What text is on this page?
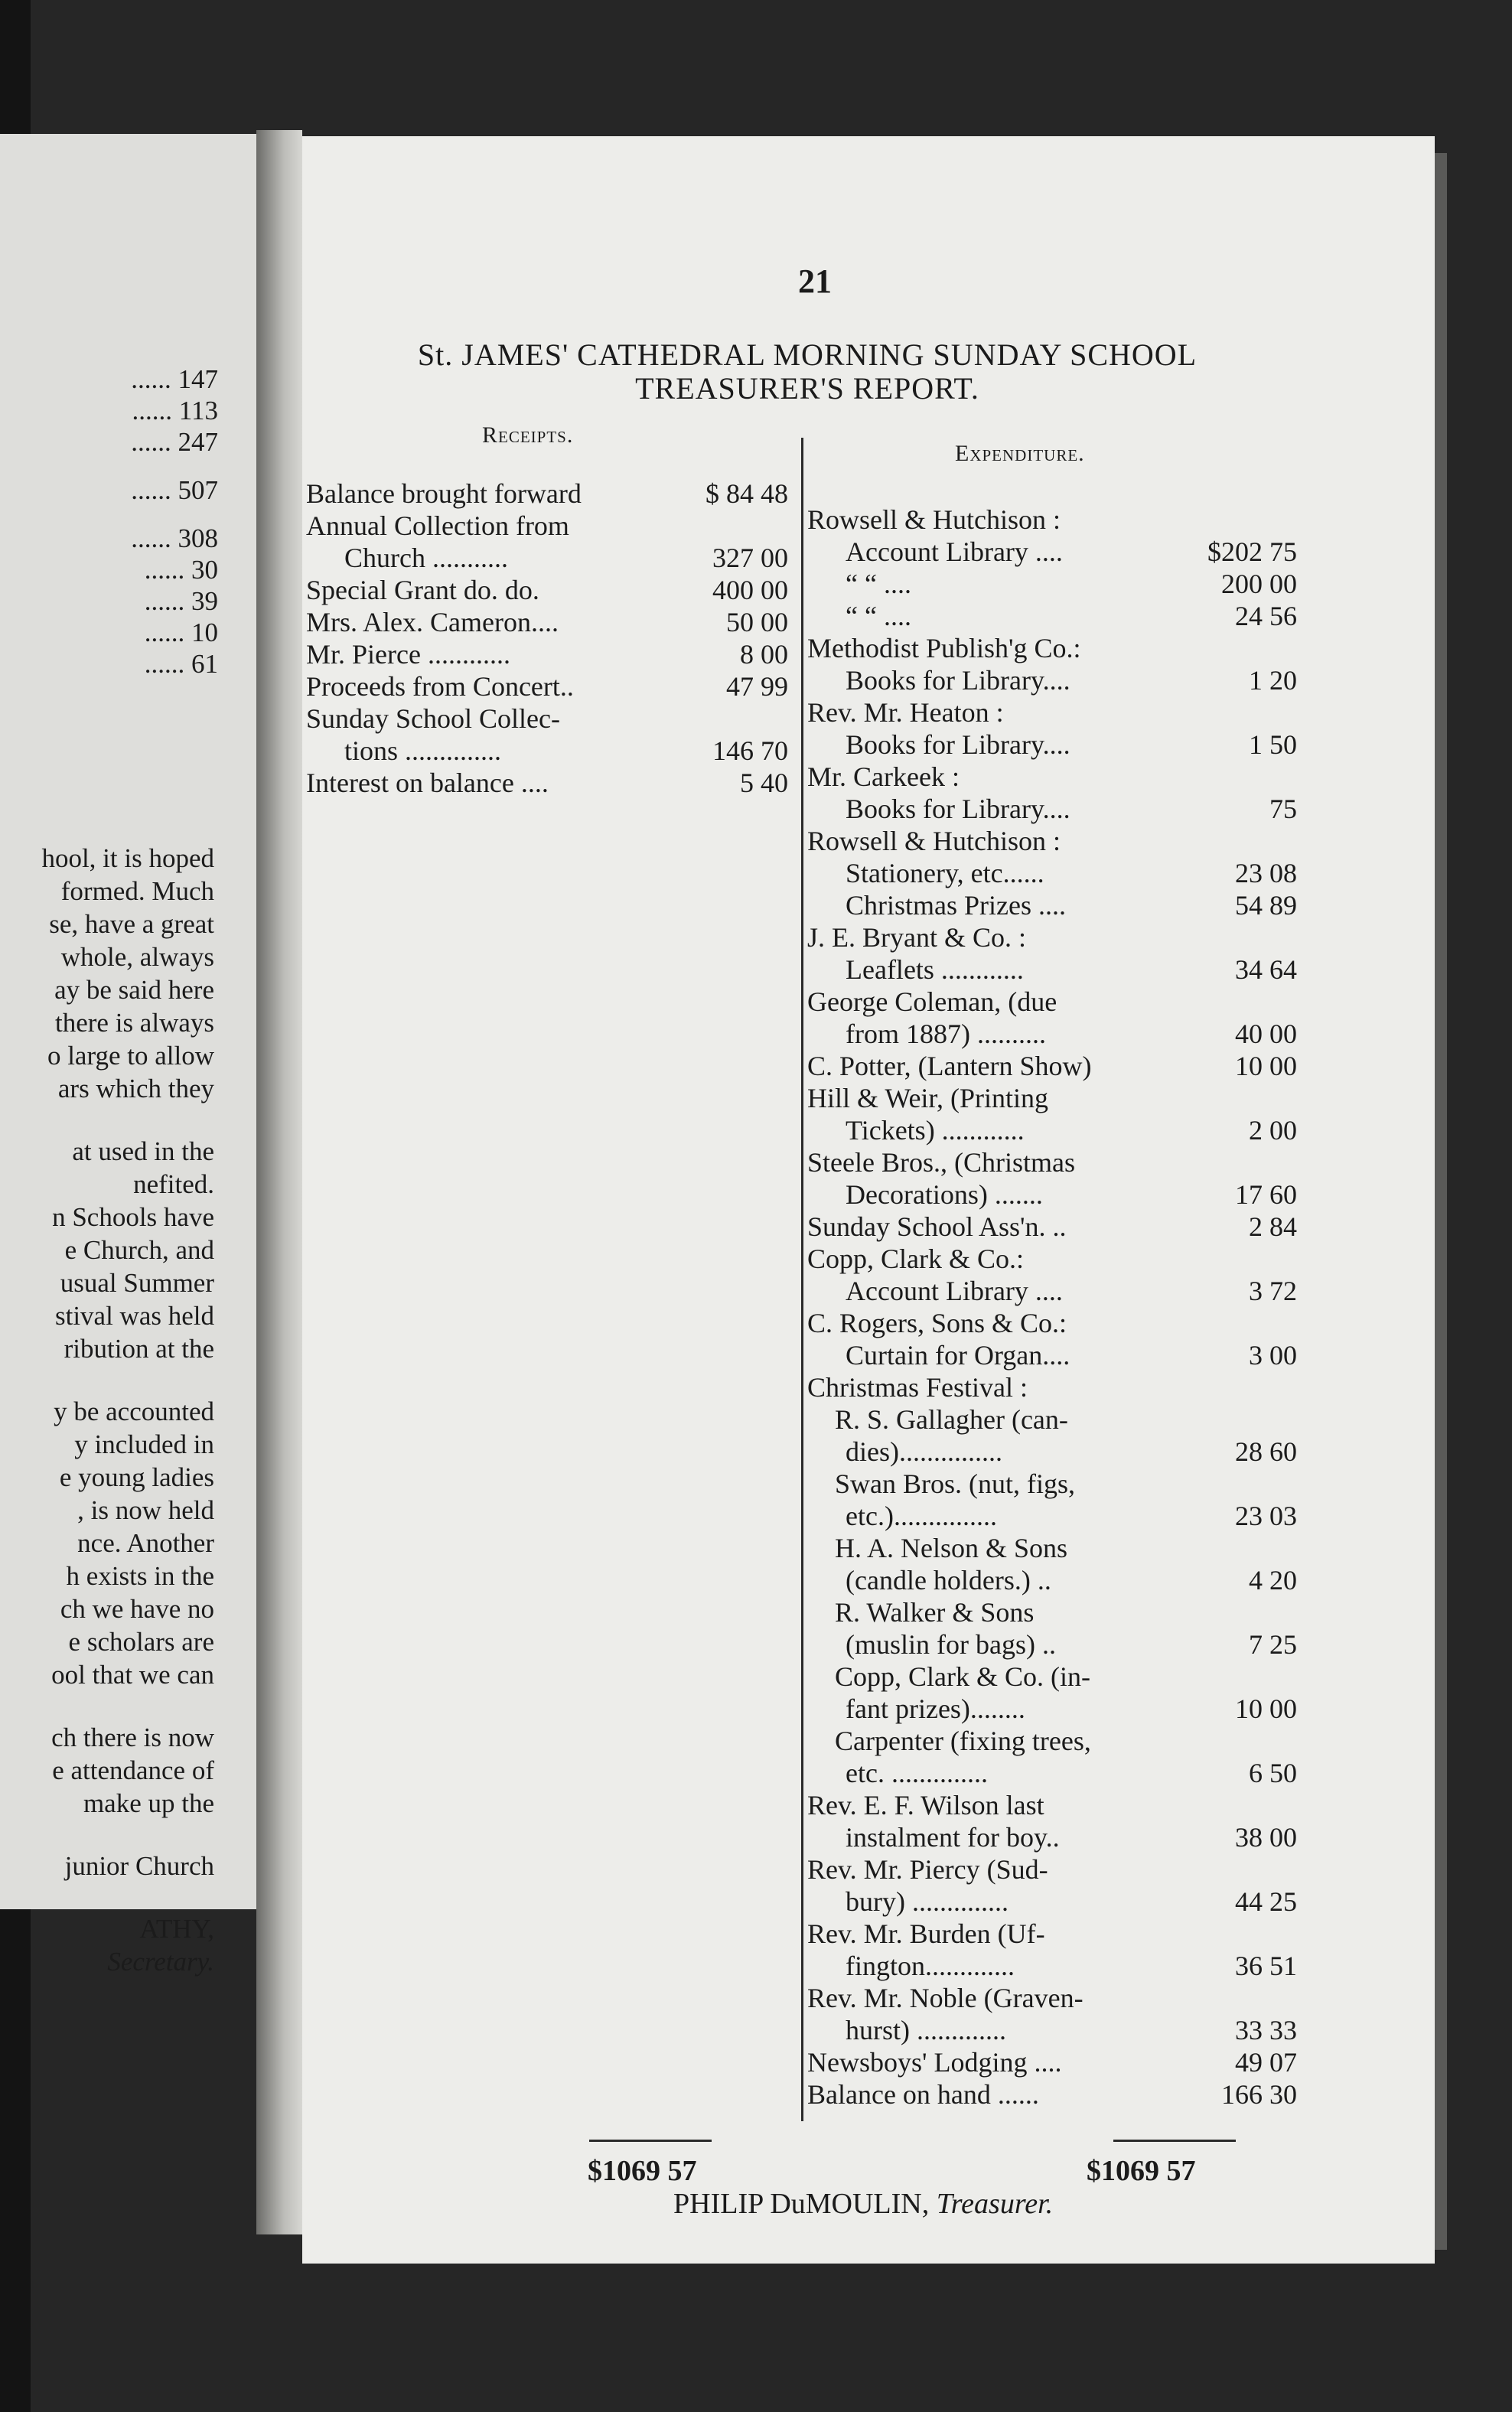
...... 147
...... 113
...... 247
...... 507
...... 308
...... 30
...... 39
...... 10
...... 61
hool, it is hoped
formed. Much
se, have a great
whole, always
ay be said here
there is always
o large to allow
ars which they
at used in the
nefited.
n Schools have
e Church, and
usual Summer
stival was held
ribution at the
y be accounted
y included in
e young ladies
, is now held
nce. Another
h exists in the
ch we have no
e scholars are
ool that we can
ch there is now
e attendance of
make up the
junior Church
ATHY,
Secretary.
21
St. JAMES' CATHEDRAL MORNING SUNDAY SCHOOL
TREASURER'S REPORT.
Receipts.
Expenditure.
Balance brought forward	$ 84 48
Annual Collection from
Church ...........	327 00
Special Grant do. do.	400 00
Mrs. Alex. Cameron....	50 00
Mr. Pierce ............	8 00
Proceeds from Concert..	47 99
Sunday School Collec-
tions ..............	146 70
Interest on balance ....	5 40
Rowsell & Hutchison :
Account Library ....	$202 75
“ “ ....	200 00
“ “ ....	24 56
Methodist Publish'g Co.:
Books for Library....	1 20
Rev. Mr. Heaton :
Books for Library....	1 50
Mr. Carkeek :
Books for Library....	75
Rowsell & Hutchison :
Stationery, etc......	23 08
Christmas Prizes ....	54 89
J. E. Bryant & Co. :
Leaflets ............	34 64
George Coleman, (due
from 1887) ..........	40 00
C. Potter, (Lantern Show)	10 00
Hill & Weir, (Printing
Tickets) ............	2 00
Steele Bros., (Christmas
Decorations) .......	17 60
Sunday School Ass'n. ..	2 84
Copp, Clark & Co.:
Account Library ....	3 72
C. Rogers, Sons & Co.:
Curtain for Organ....	3 00
Christmas Festival :
R. S. Gallagher (can-
dies)...............	28 60
Swan Bros. (nut, figs,
etc.)...............	23 03
H. A. Nelson & Sons
(candle holders.) ..	4 20
R. Walker & Sons
(muslin for bags) ..	7 25
Copp, Clark & Co. (in-
fant prizes)........	10 00
Carpenter (fixing trees,
etc. ..............	6 50
Rev. E. F. Wilson last
instalment for boy..	38 00
Rev. Mr. Piercy (Sud-
bury) ..............	44 25
Rev. Mr. Burden (Uf-
fington.............	36 51
Rev. Mr. Noble (Graven-
hurst) .............	33 33
Newsboys' Lodging ....	49 07
Balance on hand ......	166 30
$1069 57	$1069 57
PHILIP DuMOULIN, Treasurer.
